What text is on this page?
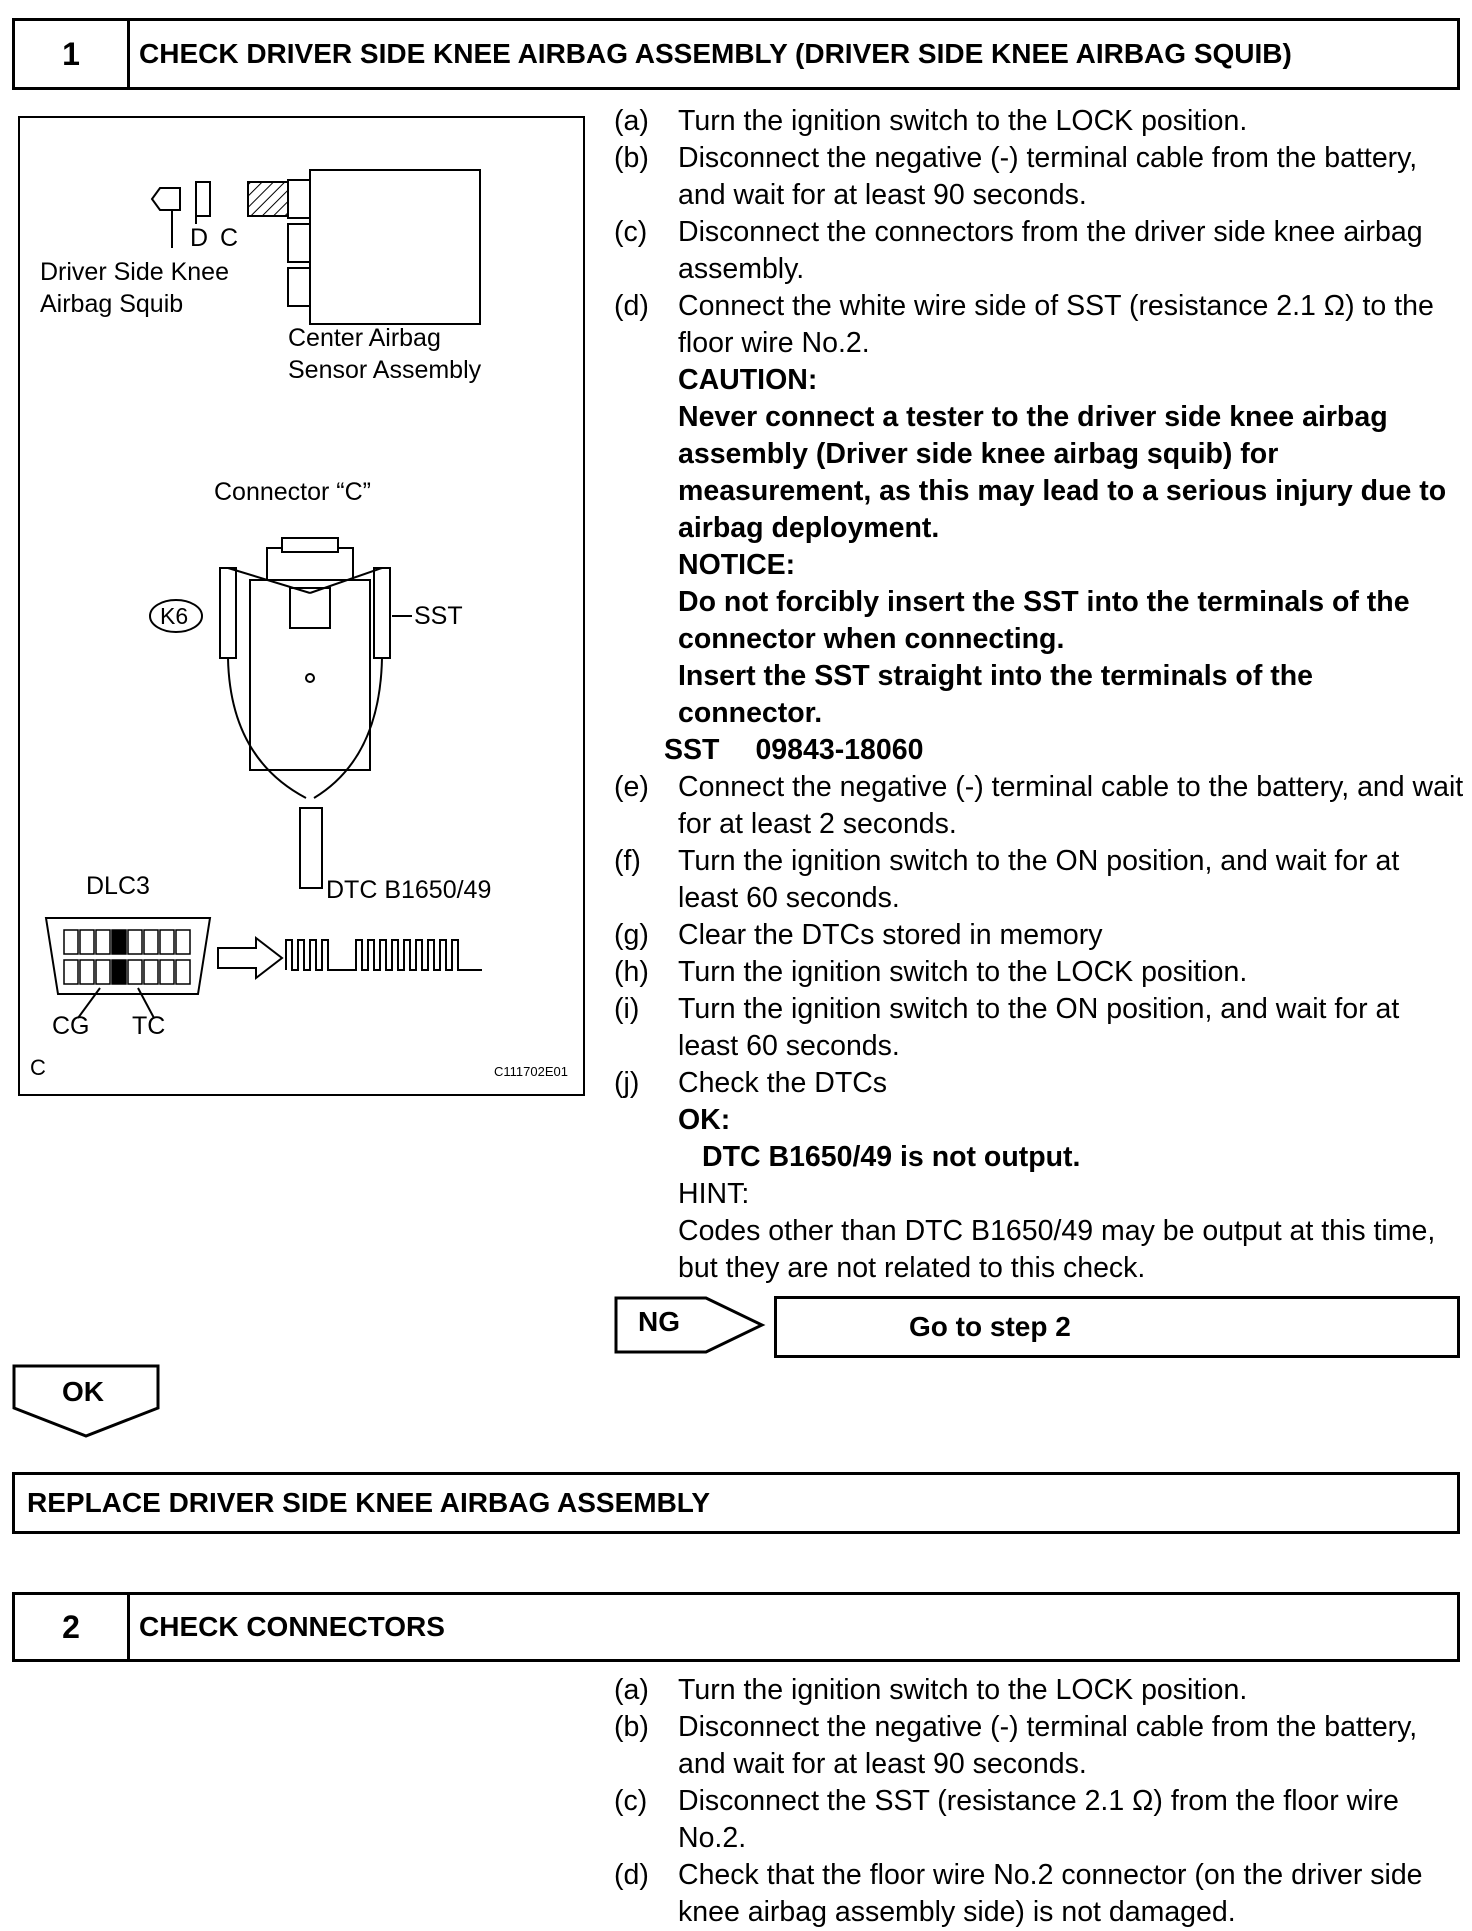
1	CHECK DRIVER SIDE KNEE AIRBAG ASSEMBLY (DRIVER SIDE KNEE AIRBAG SQUIB)
D C
Driver Side Knee
Airbag Squib
Center Airbag
Sensor Assembly
Connector “C”
K6	SST
DLC3	DTC B1650/49
CG TC
C	C111702E01
(a)	Turn the ignition switch to the LOCK position.
(b)	Disconnect the negative (-) terminal cable from the battery, and wait for at least 90 seconds.
(c)	Disconnect the connectors from the driver side knee airbag assembly.
(d)	Connect the white wire side of SST (resistance 2.1 Ω) to the floor wire No.2.
CAUTION:
Never connect a tester to the driver side knee airbag assembly (Driver side knee airbag squib) for measurement, as this may lead to a serious injury due to airbag deployment.
NOTICE:
Do not forcibly insert the SST into the terminals of the connector when connecting.
Insert the SST straight into the terminals of the connector.
SST 09843-18060
(e)	Connect the negative (-) terminal cable to the battery, and wait for at least 2 seconds.
(f)	Turn the ignition switch to the ON position, and wait for at least 60 seconds.
(g)	Clear the DTCs stored in memory
(h)	Turn the ignition switch to the LOCK position.
(i)	Turn the ignition switch to the ON position, and wait for at least 60 seconds.
(j)	Check the DTCs
OK:
DTC B1650/49 is not output.
HINT:
Codes other than DTC B1650/49 may be output at this time, but they are not related to this check.
NG	Go to step 2
OK
REPLACE DRIVER SIDE KNEE AIRBAG ASSEMBLY
2	CHECK CONNECTORS
(a)	Turn the ignition switch to the LOCK position.
(b)	Disconnect the negative (-) terminal cable from the battery, and wait for at least 90 seconds.
(c)	Disconnect the SST (resistance 2.1 Ω) from the floor wire No.2.
(d)	Check that the floor wire No.2 connector (on the driver side knee airbag assembly side) is not damaged.
